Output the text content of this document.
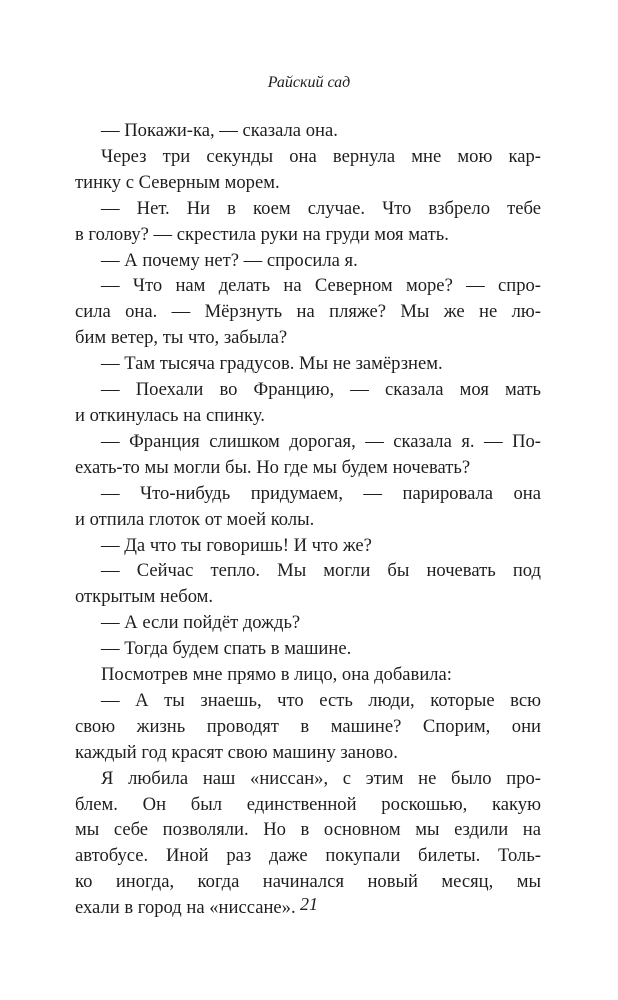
Райский сад

— Покажи-ка, — сказала она.

Через три секунды она вернула мне мою кар-
тинку с Северным морем.

— Нет. Ни в коем случае. Что взбрело тебе
в голову? — скрестила руки на груди моя мать.

— А почему нет? — спросила я.

— Что нам делать на Северном море? — спро-
сила она. — Мёрзнуть на пляже? Мы же не лю-
бим ветер, ты что, забыла?

— Там тысяча градусов. Мы не замёрзнем.

— Поехали во Францию, — сказала моя мать
и откинулась на спинку.

— Франция слишком дорогая, — сказала я. — По-
ехать-то мы могли бы. Но где мы будем ночевать?

— Что-нибудь придумаем, — парировала она
и отпила глоток от моей колы.

— Да что ты говоришь! И что же?

— Сейчас тепло. Мы могли бы ночевать под
открытым небом.

— А если пойдёт дождь?

— Тогда будем спать в машине.

Посмотрев мне прямо в лицо, она добавила:

— А ты знаешь, что есть люди, которые всю
свою жизнь проводят в машине? Спорим, они
каждый год красят свою машину заново.

Я любила наш «ниссан», с этим не было про-
блем. Он был единственной роскошью, какую
мы себе позволяли. Но в основном мы ездили на
автобусе. Иной раз даже покупали билеты. Толь-
ко иногда, когда начинался новый месяц, мы
ехали в город на «ниссане». 21
